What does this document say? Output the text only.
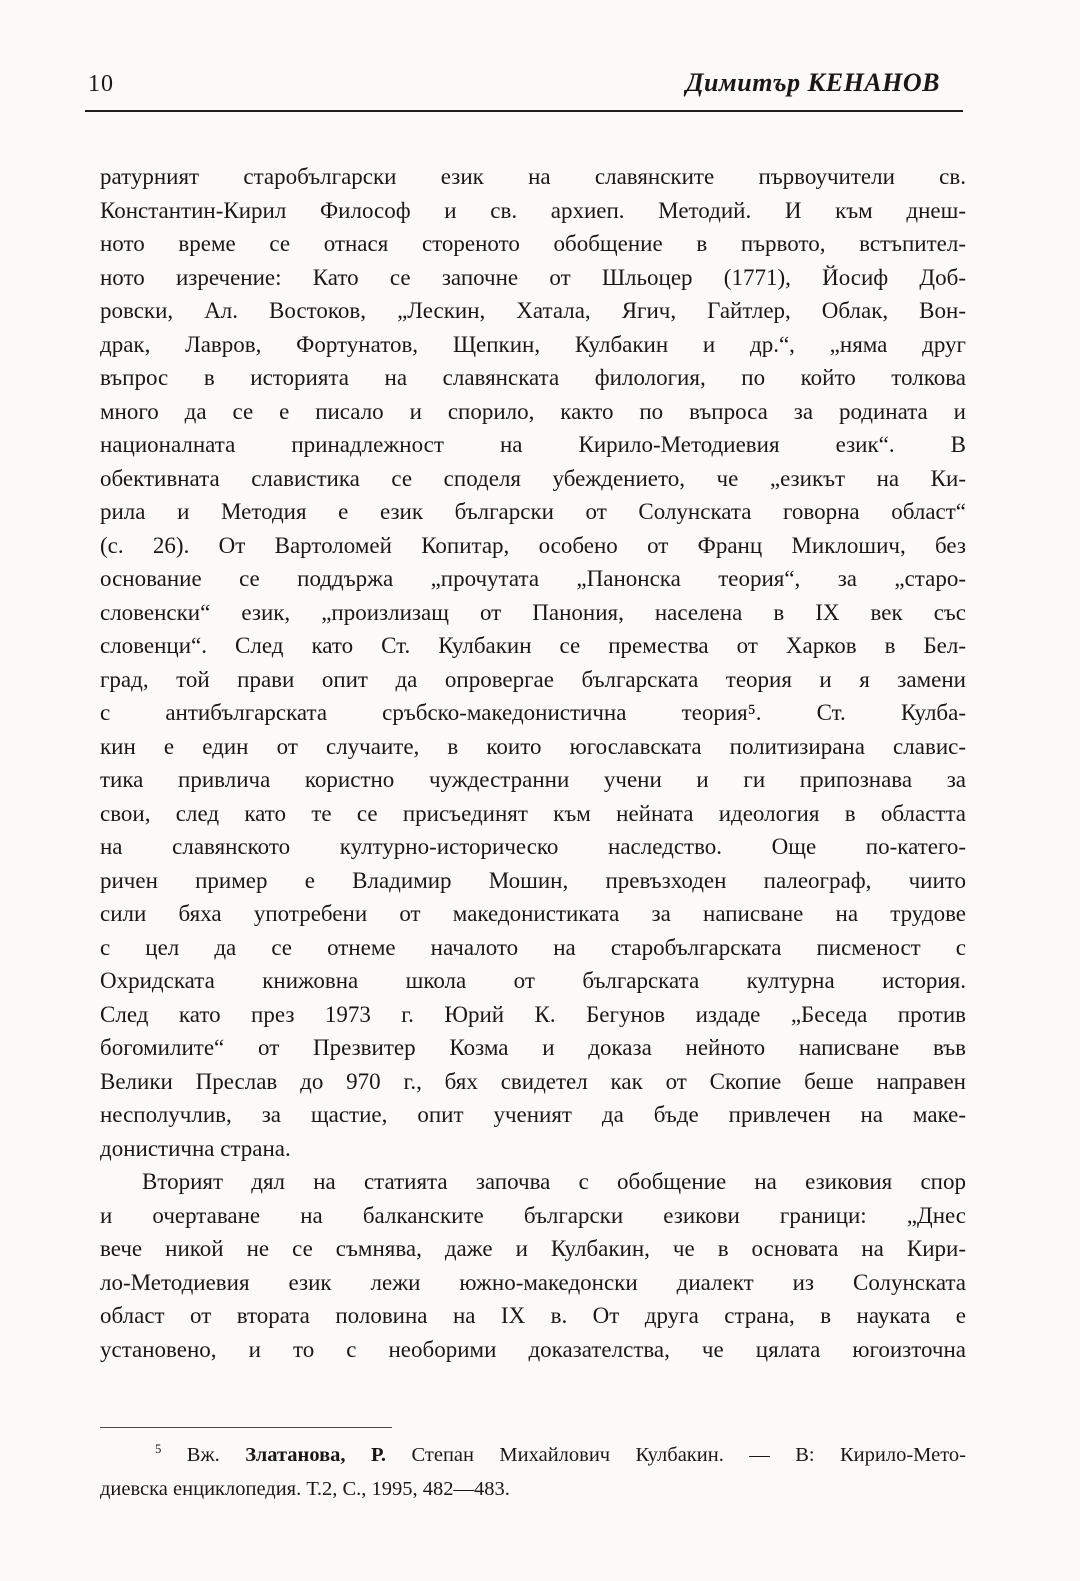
10	Димитър КЕНАНОВ
ратурният старобългарски език на славянските първоучители св.
Константин-Кирил Философ и св. архиеп. Методий. И към днеш-
ното време се отнася стореното обобщение в първото, встъпител-
ното изречение: Като се започне от Шльоцер (1771), Йосиф Доб-
ровски, Ал. Востоков, „Лескин, Хатала, Ягич, Гайтлер, Облак, Вон-
драк, Лавров, Фортунатов, Щепкин, Кулбакин и др.“, „няма друг
въпрос в историята на славянската филология, по който толкова
много да се е писало и спорило, както по въпроса за родината и
националната принадлежност на Кирило-Методиевия език“. В
обективната славистика се споделя убеждението, че „езикът на Ки-
рила и Методия е език български от Солунската говорна област“
(с. 26). От Вартоломей Копитар, особено от Франц Миклошич, без
основание се поддържа „прочутата „Панонска теория“, за „старо-
словенски“ език, „произлизащ от Панония, населена в IX век със
словенци“. След като Ст. Кулбакин се премества от Харков в Бел-
град, той прави опит да опровергае българската теория и я замени
с антибългарската сръбско-македонистична теория⁵. Ст. Кулба-
кин е един от случаите, в които югославската политизирана славис-
тика привлича користно чуждестранни учени и ги припознава за
свои, след като те се присъединят към нейната идеология в областта
на славянското културно-историческо наследство. Още по-катего-
ричен пример е Владимир Мошин, превъзходен палеограф, чиито
сили бяха употребени от македонистиката за написване на трудове
с цел да се отнеме началото на старобългарската писменост с
Охридската книжовна школа от българската културна история.
След като през 1973 г. Юрий К. Бегунов издаде „Беседа против
богомилите“ от Презвитер Козма и доказа нейното написване във
Велики Преслав до 970 г., бях свидетел как от Скопие беше направен
несполучлив, за щастие, опит ученият да бъде привлечен на маке-
донистична страна.
Вторият дял на статията започва с обобщение на езиковия спор
и очертаване на балканските български езикови граници: „Днес
вече никой не се съмнява, даже и Кулбакин, че в основата на Кири-
ло-Методиевия език лежи южно-македонски диалект из Солунската
област от втората половина на IX в. От друга страна, в науката е
установено, и то с необорими доказателства, че цялата югоизточна
$^5$ Вж. Златанова, Р. Степан Михайлович Кулбакин. — В: Кирило-Мето-
диевска енциклопедия. Т.2, С., 1995, 482—483.
